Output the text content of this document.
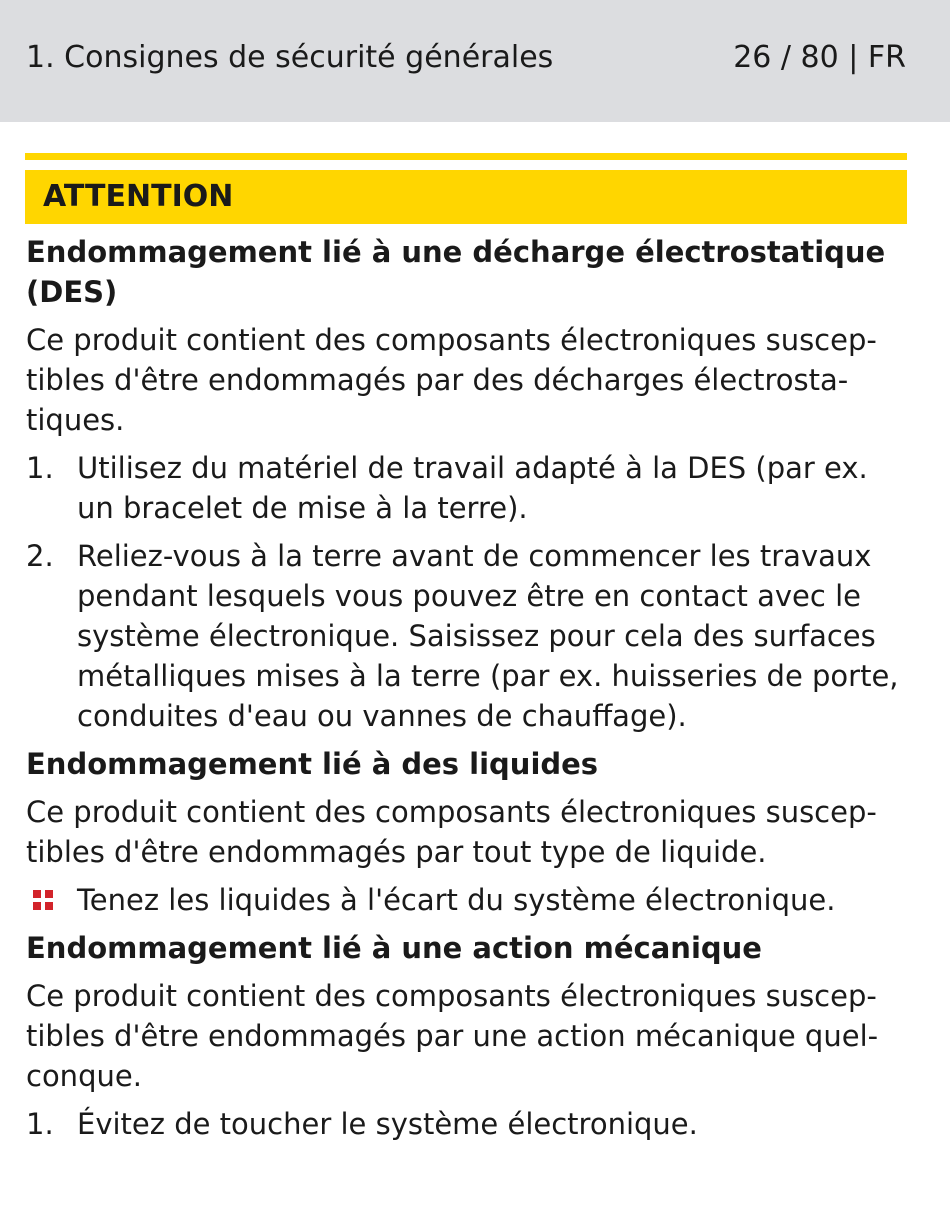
1. Consignes de sécurité générales	26 / 80 | FR
ATTENTION
Endommagement lié à une décharge électrostatique (DES)

Ce produit contient des composants électroniques susceptibles d'être endommagés par des décharges électrostatiques.

1. Utilisez du matériel de travail adapté à la DES (par ex. un bracelet de mise à la terre).
2. Reliez-vous à la terre avant de commencer les travaux pendant lesquels vous pouvez être en contact avec le système électronique. Saisissez pour cela des surfaces métalliques mises à la terre (par ex. huisseries de porte, conduites d'eau ou vannes de chauffage).
Endommagement lié à des liquides

Ce produit contient des composants électroniques susceptibles d'être endommagés par tout type de liquide.

Tenez les liquides à l'écart du système électronique.
Endommagement lié à une action mécanique

Ce produit contient des composants électroniques susceptibles d'être endommagés par une action mécanique quelconque.

1. Évitez de toucher le système électronique.
